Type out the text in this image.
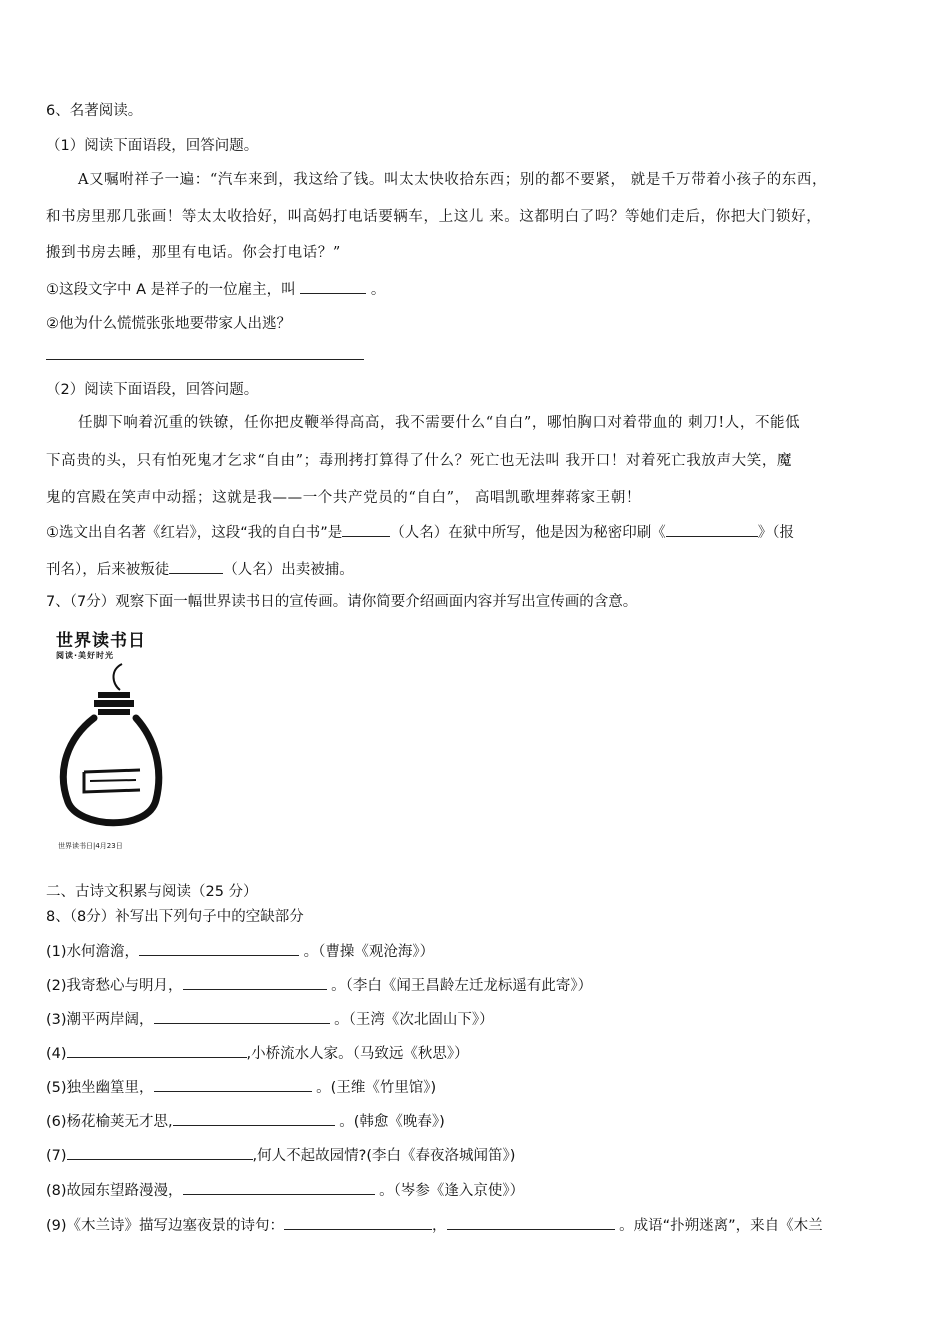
6、名著阅读。
（1）阅读下面语段，回答问题。
A又嘱咐祥子一遍：“汽车来到，我这给了钱。叫太太快收拾东西；别的都不要紧， 就是千万带着小孩子的东西，
和书房里那几张画！等太太收拾好，叫高妈打电话要辆车，上这儿 来。这都明白了吗？等她们走后，你把大门锁好，
搬到书房去睡，那里有电话。你会打电话？”
①这段文字中 A 是祥子的一位雇主，叫	。
②他为什么慌慌张张地要带家人出逃？
（2）阅读下面语段，回答问题。
任脚下响着沉重的铁镣，任你把皮鞭举得高高，我不需要什么“自白”，哪怕胸口对着带血的 刺刀!人，不能低
下高贵的头，只有怕死鬼才乞求“自由”；毒刑拷打算得了什么？死亡也无法叫 我开口！对着死亡我放声大笑，魔
鬼的宫殿在笑声中动摇；这就是我——一个共产党员的“自白”， 高唱凯歌埋葬蒋家王朝！
①选文出自名著《红岩》，这段“我的自白书”是	（人名）在狱中所写，他是因为秘密印刷《	》（报
刊名），后来被叛徒	（人名）出卖被捕。
7、（7分）观察下面一幅世界读书日的宣传画。请你简要介绍画面内容并写出宣传画的含意。
世界读书日
阅读·美好时光
世界读书日|4月23日
二、古诗文积累与阅读（25 分）
8、（8分）补写出下列句子中的空缺部分
(1)水何澹澹，	。（曹操《观沧海》）
(2)我寄愁心与明月，	。（李白《闻王昌龄左迁龙标遥有此寄》）
(3)潮平两岸阔，	。（王湾《次北固山下》）
(4)	,小桥流水人家。（马致远《秋思》）
(5)独坐幽篁里，	。(王维《竹里馆》)
(6)杨花榆荚无才思,	。(韩愈《晚春》)
(7)	,何人不起故园情?(李白《春夜洛城闻笛》)
(8)故园东望路漫漫，	。（岑参《逢入京使》）
(9)《木兰诗》描写边塞夜景的诗句：	，	。成语“扑朔迷离”，来自《木兰
